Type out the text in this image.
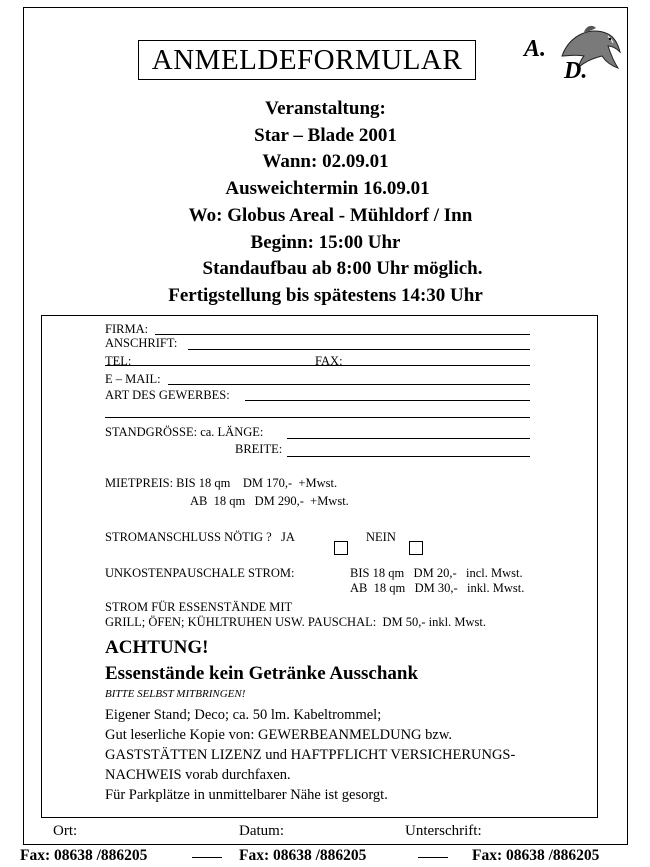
ANMELDEFORMULAR	A.
D.
Veranstaltung:
Star – Blade 2001
Wann: 02.09.01
Ausweichtermin 16.09.01
Wo: Globus Areal - Mühldorf / Inn
Beginn: 15:00 Uhr
Standaufbau ab 8:00 Uhr möglich.
Fertigstellung bis spätestens 14:30 Uhr
FIRMA:
ANSCHRIFT:
TEL:	FAX:
E – MAIL:
ART DES GEWERBES:
STANDGRÖSSE: ca. LÄNGE:
BREITE:
MIETPREIS: BIS 18 qm    DM 170,-  +Mwst.
AB  18 qm   DM 290,-  +Mwst.
STROMANSCHLUSS NÖTIG ?   JA	NEIN
UNKOSTENPAUSCHALE STROM:	BIS 18 qm   DM 20,-   incl. Mwst.
AB  18 qm   DM 30,-   inkl. Mwst.
STROM FÜR ESSENSTÄNDE MIT
GRILL; ÖFEN; KÜHLTRUHEN USW. PAUSCHAL:  DM 50,- inkl. Mwst.
ACHTUNG!
Essenstände kein Getränke Ausschank
BITTE SELBST MITBRINGEN!
Eigener Stand; Deco; ca. 50 lm. Kabeltrommel;
Gut leserliche Kopie von: GEWERBEANMELDUNG bzw.
GASTSTÄTTEN LIZENZ und HAFTPFLICHT VERSICHERUNGS-
NACHWEIS vorab durchfaxen.
Für Parkplätze in unmittelbarer Nähe ist gesorgt.
Ort:	Datum:	Unterschrift:
Fax: 08638 /886205	Fax: 08638 /886205	Fax: 08638 /886205
